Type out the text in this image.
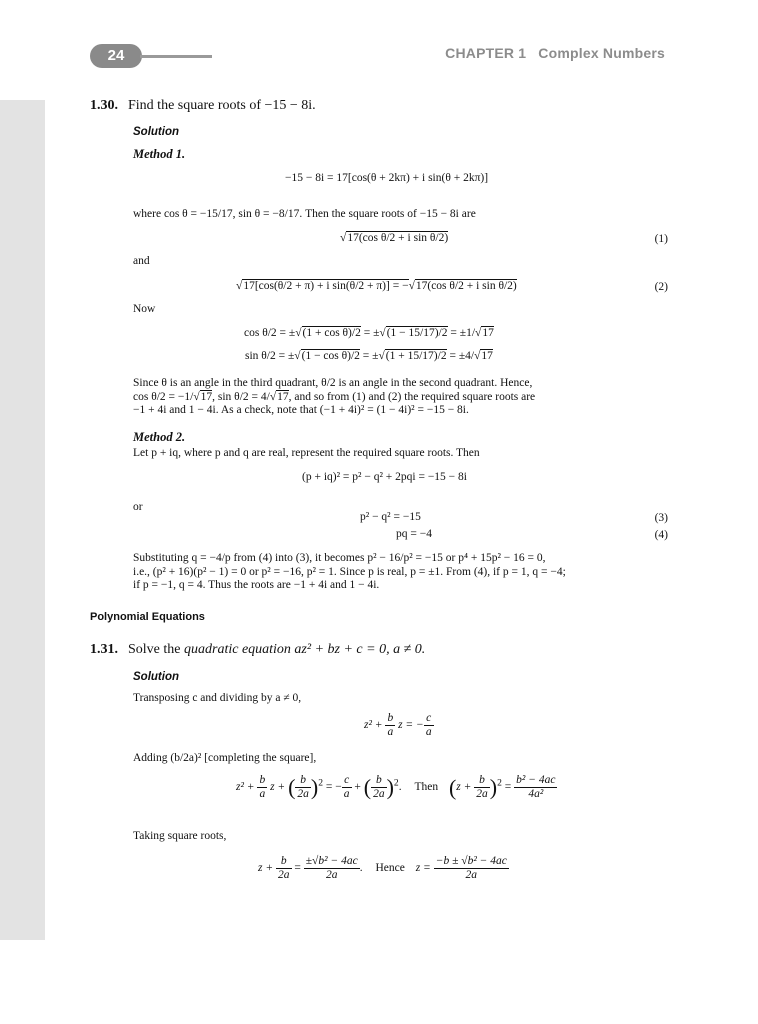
24	CHAPTER 1 Complex Numbers
1.30. Find the square roots of −15 − 8i.
Solution
Method 1.
−15 − 8i = 17[cos(θ + 2kπ) + i sin(θ + 2kπ)]
where cos θ = −15/17, sin θ = −8/17. Then the square roots of −15 − 8i are
√17(cos θ/2 + i sin θ/2)	(1)
and
√17[cos(θ/2 + π) + i sin(θ/2 + π)] = −√17(cos θ/2 + i sin θ/2)	(2)
Now
cos θ/2 = ±√(1 + cos θ)/2 = ±√(1 − 15/17)/2 = ±1/√17
sin θ/2 = ±√(1 − cos θ)/2 = ±√(1 + 15/17)/2 = ±4/√17
Since θ is an angle in the third quadrant, θ/2 is an angle in the second quadrant. Hence,
cos θ/2 = −1/√17, sin θ/2 = 4/√17, and so from (1) and (2) the required square roots are
−1 + 4i and 1 − 4i. As a check, note that (−1 + 4i)² = (1 − 4i)² = −15 − 8i.
Method 2.
Let p + iq, where p and q are real, represent the required square roots. Then
(p + iq)² = p² − q² + 2pqi = −15 − 8i
or
p² − q² = −15	(3)
pq = −4	(4)
Substituting q = −4/p from (4) into (3), it becomes p² − 16/p² = −15 or p⁴ + 15p² − 16 = 0,
i.e., (p² + 16)(p² − 1) = 0 or p² = −16, p² = 1. Since p is real, p = ±1. From (4), if p = 1, q = −4;
if p = −1, q = 4. Thus the roots are −1 + 4i and 1 − 4i.
Polynomial Equations
1.31. Solve the quadratic equation az² + bz + c = 0, a ≠ 0.
Solution
Transposing c and dividing by a ≠ 0,
$z^2 + \frac{b}{a}$ z = − $\frac{c}{a}$
Adding (b/2a)² [completing the square],
$z^2 + \frac{b}{a}$ z + ( $\frac{b}{2a} )^2$ = − $\frac{c}{a}$ + ( $\frac{b}{2a} )^2$. Then $(z + \frac{b}{2a} )^2 = \frac{\text{b² − 4ac}}{\text{4a²}}$
Taking square roots,
$z + \frac{b}{2a} = \frac{\text{±√b² − 4ac}}{2a}$ . Hence $z = \frac{\text{−b ± √b² − 4ac}}{2a}$
